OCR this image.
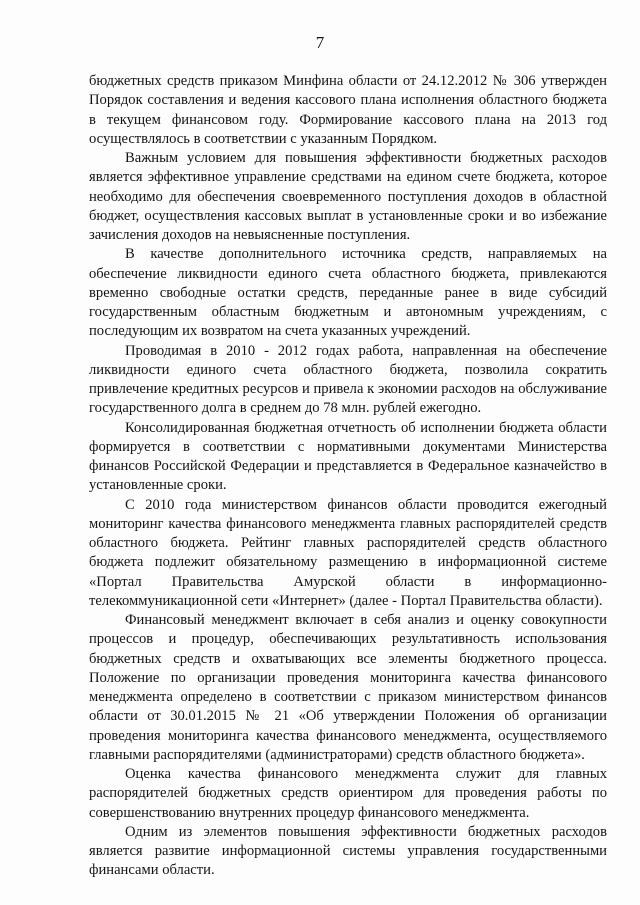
7

бюджетных средств приказом Минфина области от 24.12.2012 № 306 утвержден Порядок составления и ведения кассового плана исполнения областного бюджета в текущем финансовом году. Формирование кассового плана на 2013 год осуществлялось в соответствии с указанным Порядком.

Важным условием для повышения эффективности бюджетных расходов является эффективное управление средствами на едином счете бюджета, которое необходимо для обеспечения своевременного поступления доходов в областной бюджет, осуществления кассовых выплат в установленные сроки и во избежание зачисления доходов на невыясненные поступления.

В качестве дополнительного источника средств, направляемых на обеспечение ликвидности единого счета областного бюджета, привлекаются временно свободные остатки средств, переданные ранее в виде субсидий государственным областным бюджетным и автономным учреждениям, с последующим их возвратом на счета указанных учреждений.

Проводимая в 2010 - 2012 годах работа, направленная на обеспечение ликвидности единого счета областного бюджета, позволила сократить привлечение кредитных ресурсов и привела к экономии расходов на обслуживание государственного долга в среднем до 78 млн. рублей ежегодно.

Консолидированная бюджетная отчетность об исполнении бюджета области формируется в соответствии с нормативными документами Министерства финансов Российской Федерации и представляется в Федеральное казначейство в установленные сроки.

С 2010 года министерством финансов области проводится ежегодный мониторинг качества финансового менеджмента главных распорядителей средств областного бюджета. Рейтинг главных распорядителей средств областного бюджета подлежит обязательному размещению в информационной системе «Портал Правительства Амурской области в информационно-телекоммуникационной сети «Интернет» (далее - Портал Правительства области).

Финансовый менеджмент включает в себя анализ и оценку совокупности процессов и процедур, обеспечивающих результативность использования бюджетных средств и охватывающих все элементы бюджетного процесса. Положение по организации проведения мониторинга качества финансового менеджмента определено в соответствии с приказом министерством финансов области от 30.01.2015 № 21 «Об утверждении Положения об организации проведения мониторинга качества финансового менеджмента, осуществляемого главными распорядителями (администраторами) средств областного бюджета».

Оценка качества финансового менеджмента служит для главных распорядителей бюджетных средств ориентиром для проведения работы по совершенствованию внутренних процедур финансового менеджмента.

Одним из элементов повышения эффективности бюджетных расходов является развитие информационной системы управления государственными финансами области.
